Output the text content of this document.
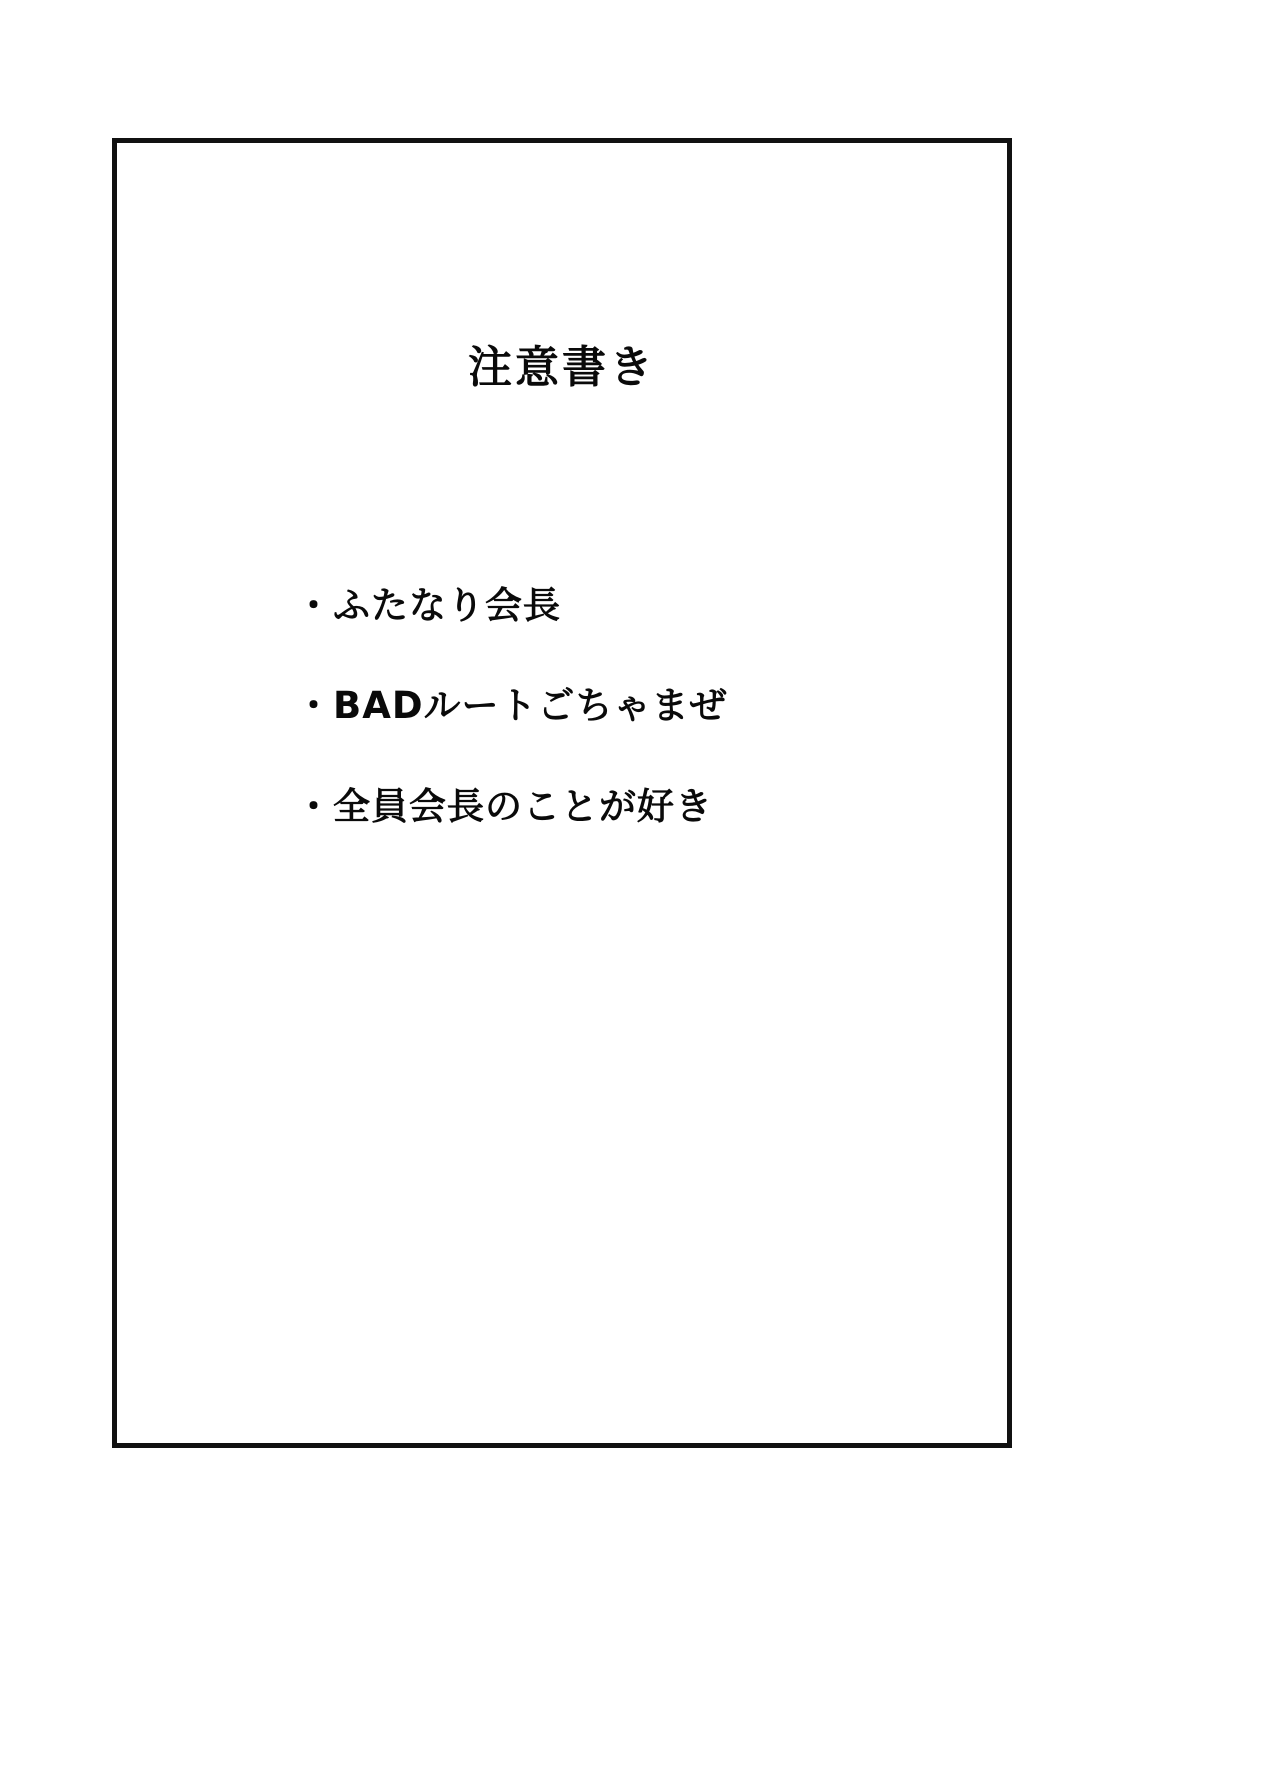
注意書き
・ふたなり会長
・BADルートごちゃまぜ
・全員会長のことが好き
